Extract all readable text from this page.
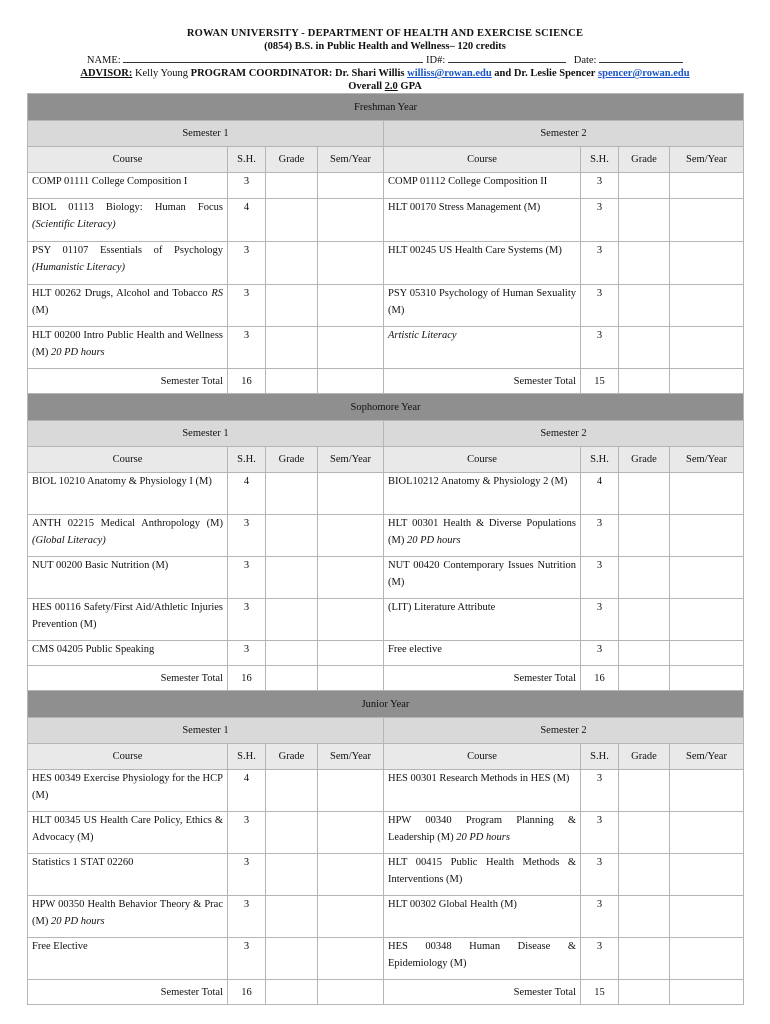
ROWAN UNIVERSITY - DEPARTMENT OF HEALTH AND EXERCISE SCIENCE
(0854) B.S. in Public Health and Wellness– 120 credits
NAME:	ID#:	Date:
ADVISOR: Kelly Young PROGRAM COORDINATOR: Dr. Shari Willis williss@rowan.edu and Dr. Leslie Spencer spencer@rowan.edu
Overall 2.0 GPA
Freshman Year							
Semester 1				Semester 2			
Course	S.H.	Grade	Sem/Year	Course	S.H.	Grade	Sem/Year
COMP 01111 College Composition I	3			COMP 01112 College Composition II	3		
BIOL 01113 Biology: Human Focus (Scientific Literacy)	4			HLT 00170 Stress Management (M)	3		
PSY 01107 Essentials of Psychology (Humanistic Literacy)	3			HLT 00245 US Health Care Systems (M)	3		
HLT 00262 Drugs, Alcohol and Tobacco RS (M)	3			PSY 05310 Psychology of Human Sexuality (M)	3		
HLT 00200 Intro Public Health and Wellness (M) 20 PD hours	3			Artistic Literacy	3		
Semester Total	16			Semester Total	15		
Sophomore Year							
Semester 1				Semester 2			
Course	S.H.	Grade	Sem/Year	Course	S.H.	Grade	Sem/Year
BIOL 10210 Anatomy & Physiology I (M)	4			BIOL10212 Anatomy & Physiology 2 (M)	4		
ANTH 02215 Medical Anthropology (M) (Global Literacy)	3			HLT 00301 Health & Diverse Populations (M) 20 PD hours	3		
NUT 00200 Basic Nutrition (M)	3			NUT 00420 Contemporary Issues Nutrition (M)	3		
HES 00116 Safety/First Aid/Athletic Injuries Prevention (M)	3			(LIT) Literature Attribute	3		
CMS 04205 Public Speaking	3			Free elective	3		
Semester Total	16			Semester Total	16		
Junior Year							
Semester 1				Semester 2			
Course	S.H.	Grade	Sem/Year	Course	S.H.	Grade	Sem/Year
HES 00349 Exercise Physiology for the HCP (M)	4			HES 00301 Research Methods in HES (M)	3		
HLT 00345 US Health Care Policy, Ethics & Advocacy (M)	3			HPW 00340 Program Planning & Leadership (M) 20 PD hours	3		
Statistics 1 STAT 02260	3			HLT 00415 Public Health Methods & Interventions (M)	3		
HPW 00350 Health Behavior Theory & Prac (M) 20 PD hours	3			HLT 00302 Global Health (M)	3		
Free Elective	3			HES 00348 Human Disease & Epidemiology (M)	3		
Semester Total	16			Semester Total	15		
